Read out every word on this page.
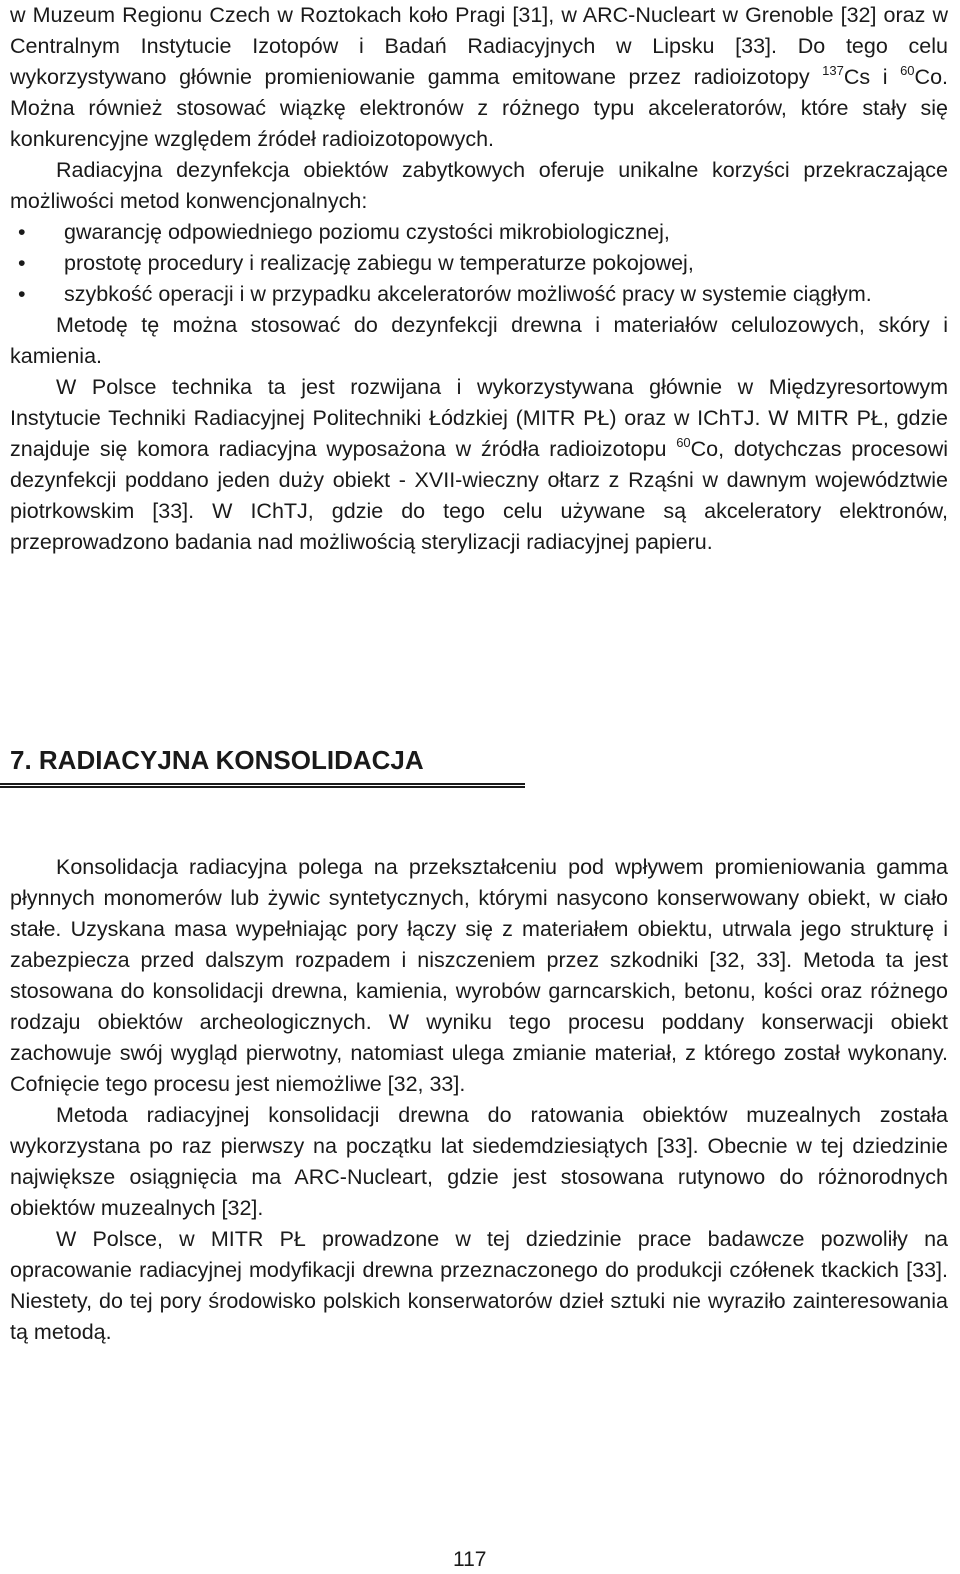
w Muzeum Regionu Czech w Roztokach koło Pragi [31], w ARC-Nucleart w Grenoble [32] oraz w Centralnym Instytucie Izotopów i Badań Radiacyjnych w Lipsku [33]. Do tego celu wykorzystywano głównie promieniowanie gamma emitowane przez radioizotopy $^{137}$Cs i $^{60}$Co. Można również stosować wiązkę elektronów z różnego typu akceleratorów, które stały się konkurencyjne względem źródeł radioizotopowych.

Radiacyjna dezynfekcja obiektów zabytkowych oferuje unikalne korzyści przekraczające możliwości metod konwencjonalnych:

• gwarancję odpowiedniego poziomu czystości mikrobiologicznej,
• prostotę procedury i realizację zabiegu w temperaturze pokojowej,
• szybkość operacji i w przypadku akceleratorów możliwość pracy w systemie ciągłym.

Metodę tę można stosować do dezynfekcji drewna i materiałów celulozowych, skóry i kamienia.

W Polsce technika ta jest rozwijana i wykorzystywana głównie w Międzyresortowym Instytucie Techniki Radiacyjnej Politechniki Łódzkiej (MITR PŁ) oraz w IChTJ. W MITR PŁ, gdzie znajduje się komora radiacyjna wyposażona w źródła radioizotopu $^{60}$Co, dotychczas procesowi dezynfekcji poddano jeden duży obiekt - XVII-wieczny ołtarz z Rząśni w dawnym województwie piotrkowskim [33]. W IChTJ, gdzie do tego celu używane są akceleratory elektronów, przeprowadzono badania nad możliwością sterylizacji radiacyjnej papieru.

7. RADIACYJNA KONSOLIDACJA

Konsolidacja radiacyjna polega na przekształceniu pod wpływem promieniowania gamma płynnych monomerów lub żywic syntetycznych, którymi nasycono konserwowany obiekt, w ciało stałe. Uzyskana masa wypełniając pory łączy się z materiałem obiektu, utrwala jego strukturę i zabezpiecza przed dalszym rozpadem i niszczeniem przez szkodniki [32, 33]. Metoda ta jest stosowana do konsolidacji drewna, kamienia, wyrobów garncarskich, betonu, kości oraz różnego rodzaju obiektów archeologicznych. W wyniku tego procesu poddany konserwacji obiekt zachowuje swój wygląd pierwotny, natomiast ulega zmianie materiał, z którego został wykonany. Cofnięcie tego procesu jest niemożliwe [32, 33].

Metoda radiacyjnej konsolidacji drewna do ratowania obiektów muzealnych została wykorzystana po raz pierwszy na początku lat siedemdziesiątych [33]. Obecnie w tej dziedzinie największe osiągnięcia ma ARC-Nucleart, gdzie jest stosowana rutynowo do różnorodnych obiektów muzealnych [32].

W Polsce, w MITR PŁ prowadzone w tej dziedzinie prace badawcze pozwoliły na opracowanie radiacyjnej modyfikacji drewna przeznaczonego do produkcji czółenek tkackich [33]. Niestety, do tej pory środowisko polskich konserwatorów dzieł sztuki nie wyraziło zainteresowania tą metodą.

117
